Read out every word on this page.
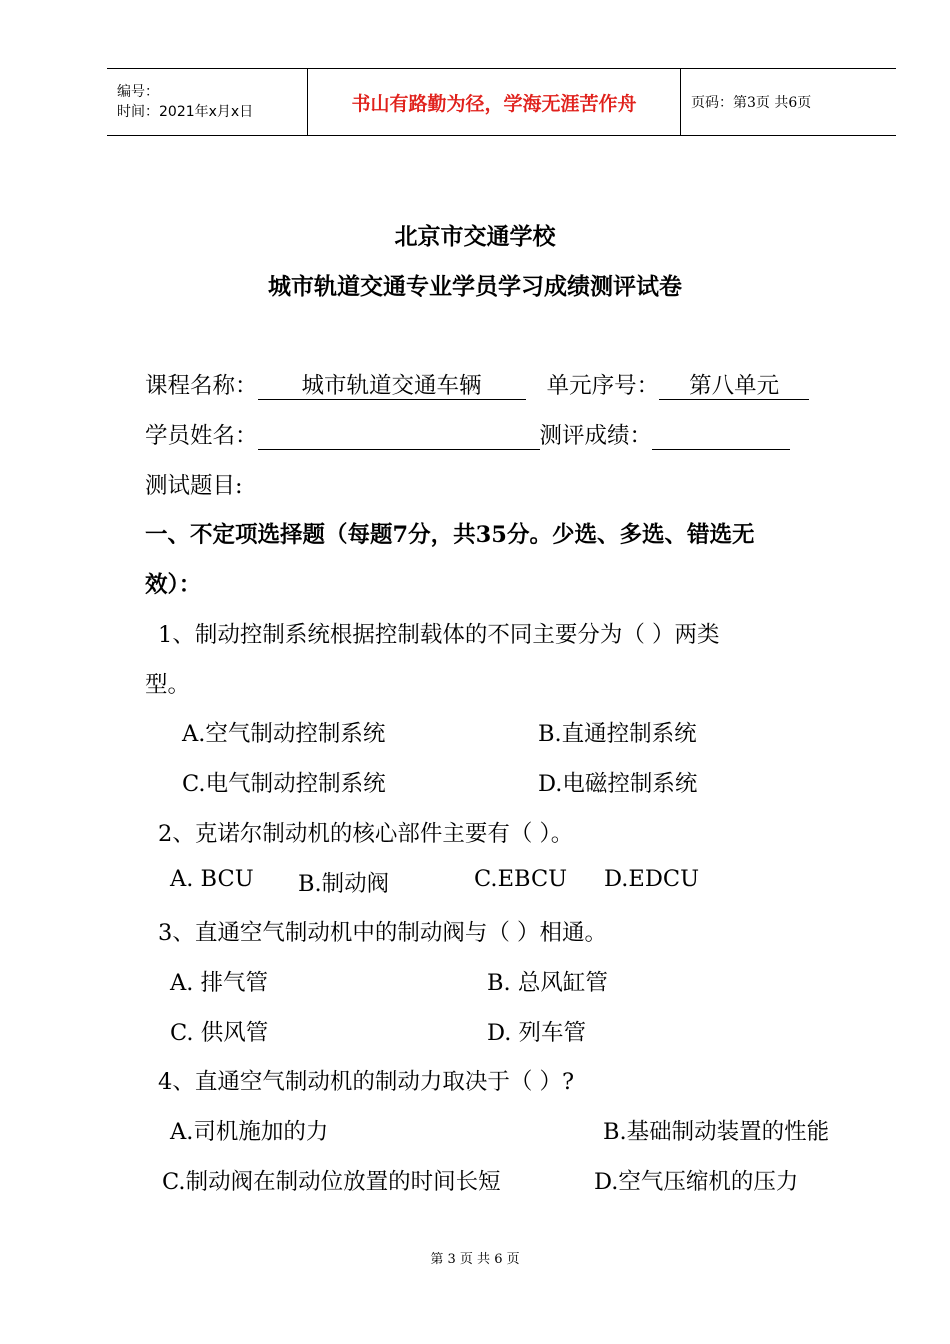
编号：
时间：2021年x月x日	书山有路勤为径，学海无涯苦作舟	页码：第3页 共6页
北京市交通学校
城市轨道交通专业学员学习成绩测评试卷
课程名称： 城市轨道交通车辆	单元序号： 第八单元
学员姓名：	测评成绩：
测试题目:
一、不定项选择题（每题7分，共35分。少选、多选、错选无
效）：
1、制动控制系统根据控制载体的不同主要分为（ ）两类
型。
A.空气制动控制系统	B.直通控制系统
C.电气制动控制系统	D.电磁控制系统
2、克诺尔制动机的核心部件主要有（ ）。
A. BCU B.制动阀	C.EBCU D.EDCU
3、直通空气制动机中的制动阀与（ ）相通。
A. 排气管	B. 总风缸管
C. 供风管	D. 列车管
4、直通空气制动机的制动力取决于（ ）?
A.司机施加的力	B.基础制动装置的性能
C.制动阀在制动位放置的时间长短	D.空气压缩机的压力
第 3 页 共 6 页
